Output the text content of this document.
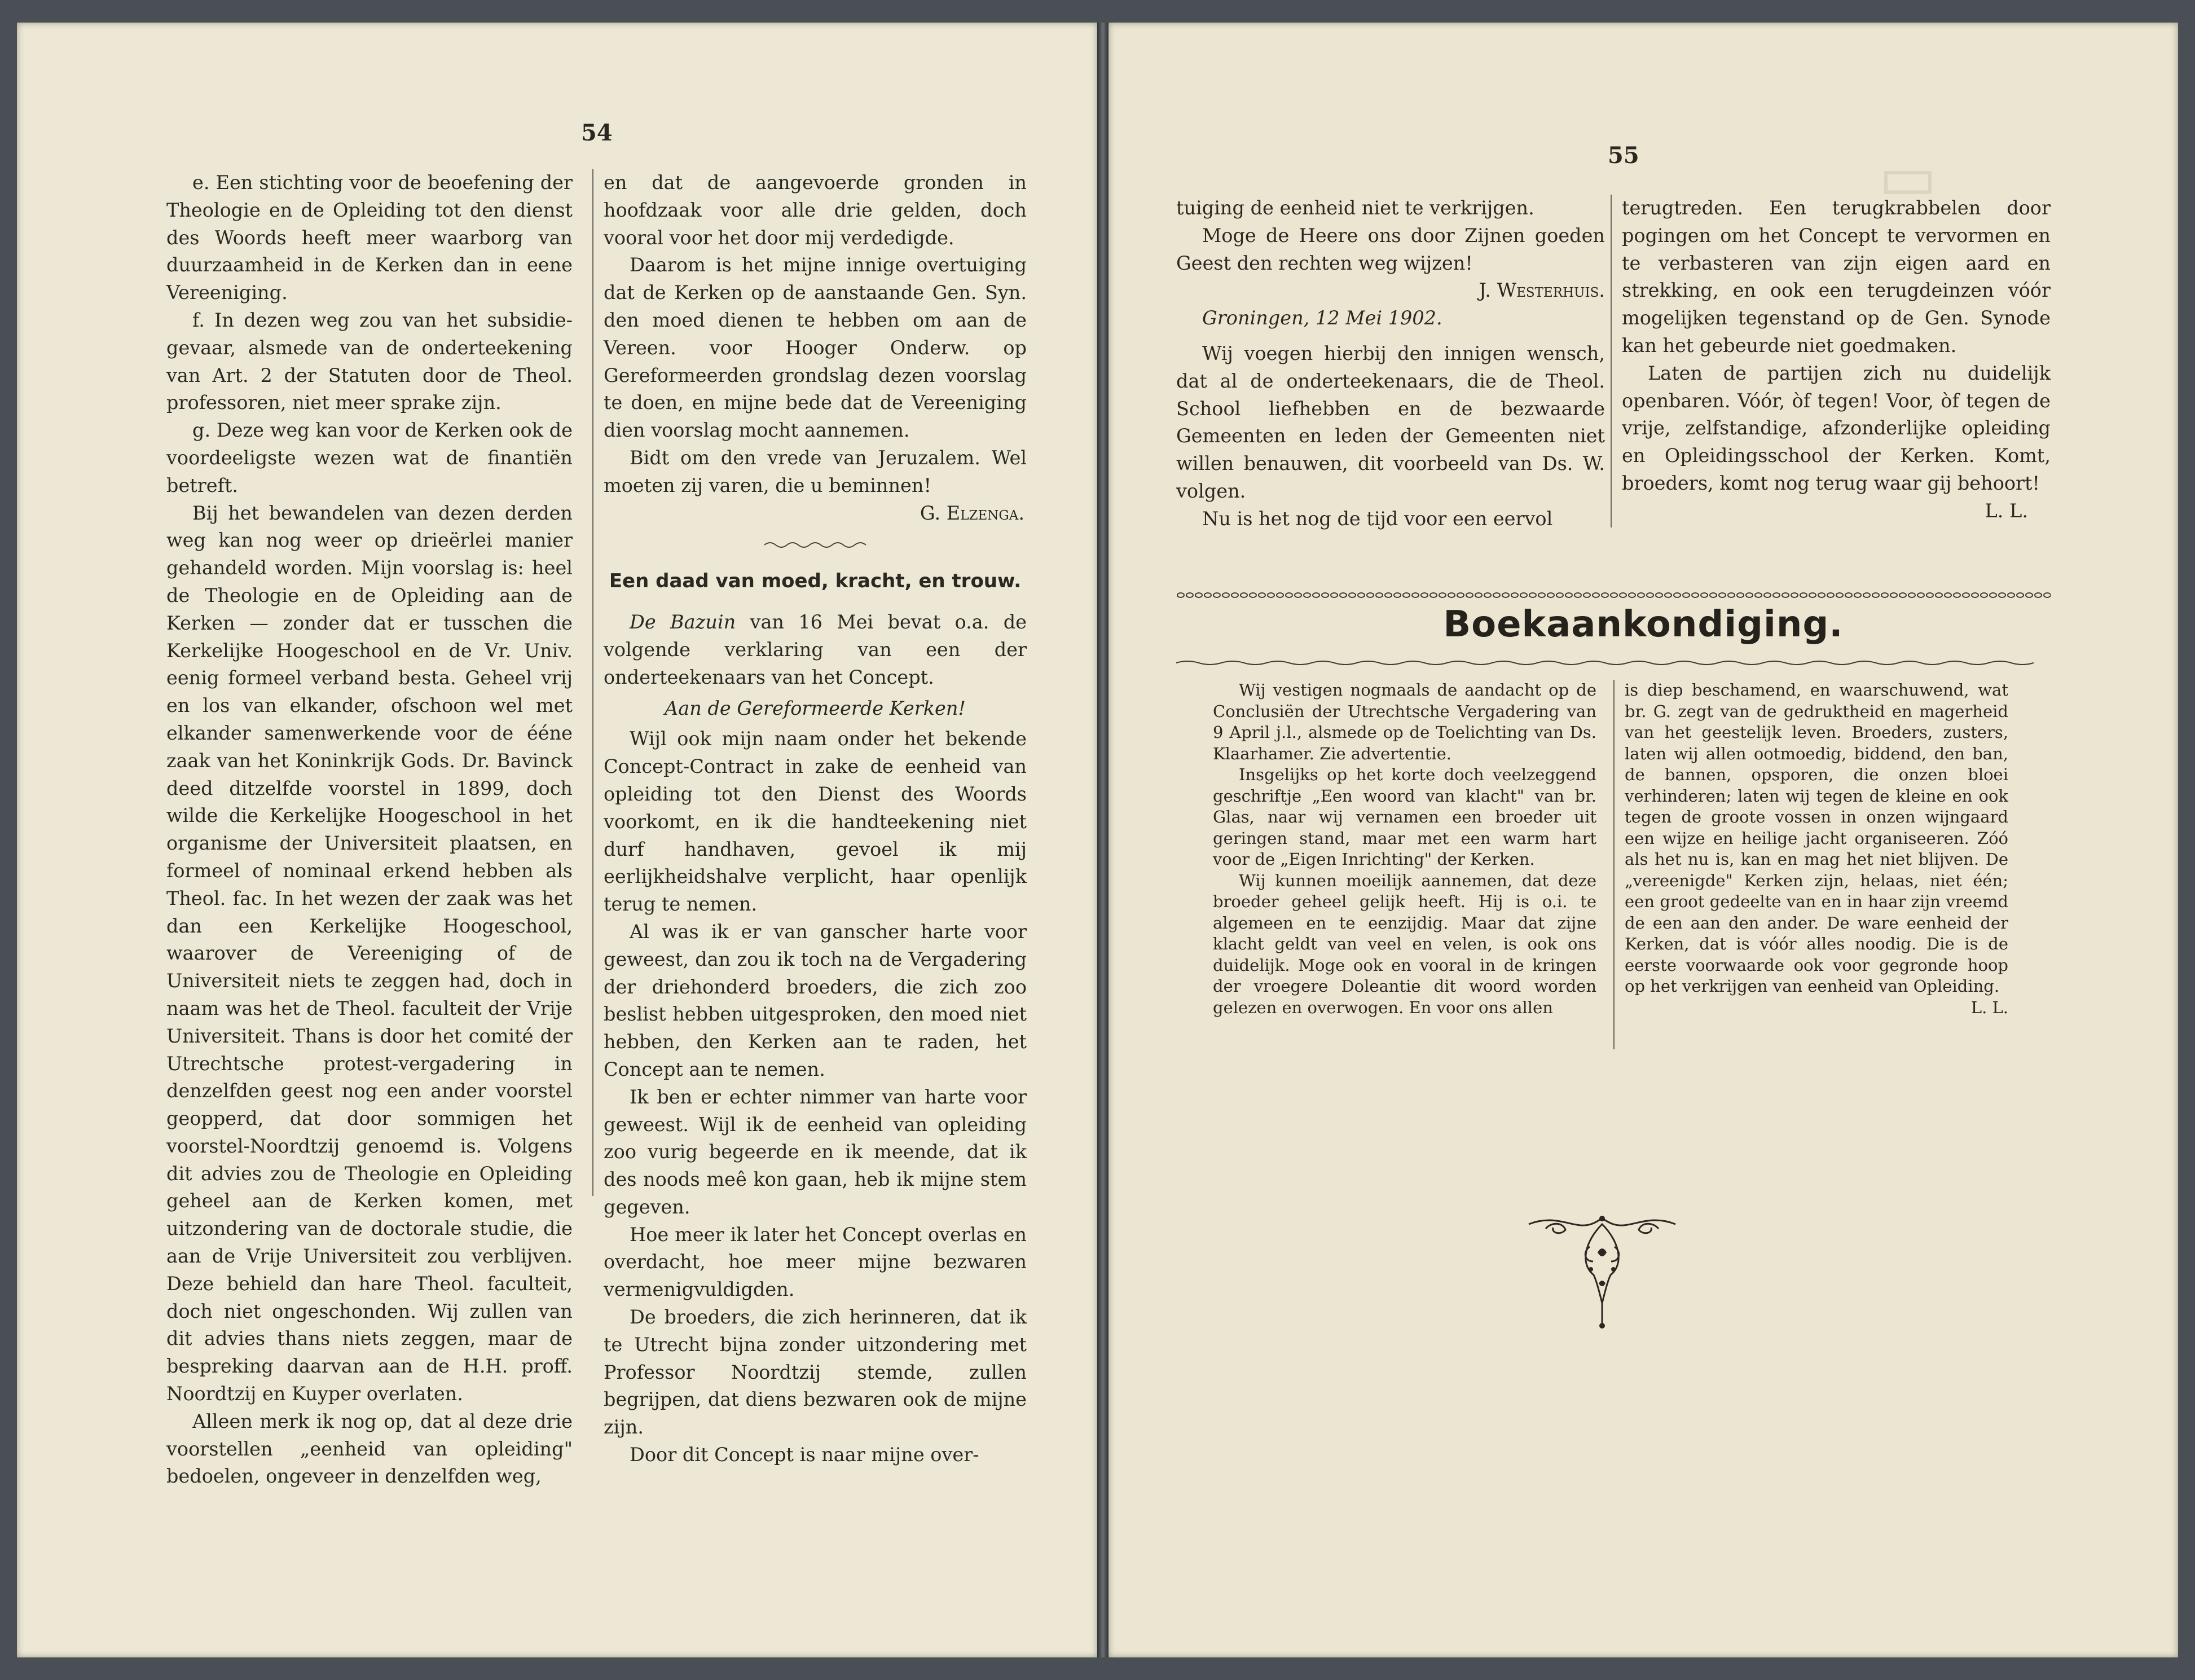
▭
54

e. Een stichting voor de beoefening der Theologie en de Opleiding tot den dienst des Woords heeft meer waarborg van duurzaamheid in de Kerken dan in eene Vereeniging.

f. In dezen weg zou van het subsidie-gevaar, alsmede van de onderteekening van Art. 2 der Statuten door de Theol. professoren, niet meer sprake zijn.

g. Deze weg kan voor de Kerken ook de voordeeligste wezen wat de finantiën betreft.

Bij het bewandelen van dezen derden weg kan nog weer op drieërlei manier gehandeld worden. Mijn voorslag is: heel de Theologie en de Opleiding aan de Kerken — zonder dat er tusschen die Kerkelijke Hoogeschool en de Vr. Univ. eenig formeel verband besta. Geheel vrij en los van elkander, ofschoon wel met elkander samenwerkende voor de ééne zaak van het Koninkrijk Gods. Dr. Bavinck deed ditzelfde voorstel in 1899, doch wilde die Kerkelijke Hoogeschool in het organisme der Universiteit plaatsen, en formeel of nominaal erkend hebben als Theol. fac. In het wezen der zaak was het dan een Kerkelijke Hoogeschool, waarover de Vereeniging of de Universiteit niets te zeggen had, doch in naam was het de Theol. faculteit der Vrije Universiteit. Thans is door het comité der Utrechtsche protest-vergadering in denzelfden geest nog een ander voorstel geopperd, dat door sommigen het voorstel-Noordtzij genoemd is. Volgens dit advies zou de Theologie en Opleiding geheel aan de Kerken komen, met uitzondering van de doctorale studie, die aan de Vrije Universiteit zou verblijven. Deze behield dan hare Theol. faculteit, doch niet ongeschonden. Wij zullen van dit advies thans niets zeggen, maar de bespreking daarvan aan de H.H. proff. Noordtzij en Kuyper overlaten.

Alleen merk ik nog op, dat al deze drie voorstellen „eenheid van opleiding" bedoelen, ongeveer in denzelfden weg,

en dat de aangevoerde gronden in hoofdzaak voor alle drie gelden, doch vooral voor het door mij verdedigde.

Daarom is het mijne innige overtuiging dat de Kerken op de aanstaande Gen. Syn. den moed dienen te hebben om aan de Vereen. voor Hooger Onderw. op Gereformeerden grondslag dezen voorslag te doen, en mijne bede dat de Vereeniging dien voorslag mocht aannemen.

Bidt om den vrede van Jeruzalem. Wel moeten zij varen, die u beminnen!

G. Elzenga.
Een daad van moed, kracht, en trouw.

De Bazuin van 16 Mei bevat o.a. de volgende verklaring van een der onderteekenaars van het Concept.

Aan de Gereformeerde Kerken!

Wijl ook mijn naam onder het bekende Concept-Contract in zake de eenheid van opleiding tot den Dienst des Woords voorkomt, en ik die handteekening niet durf handhaven, gevoel ik mij eerlijkheidshalve verplicht, haar openlijk terug te nemen.

Al was ik er van ganscher harte voor geweest, dan zou ik toch na de Vergadering der driehonderd broeders, die zich zoo beslist hebben uitgesproken, den moed niet hebben, den Kerken aan te raden, het Concept aan te nemen.

Ik ben er echter nimmer van harte voor geweest. Wijl ik de eenheid van opleiding zoo vurig begeerde en ik meende, dat ik des noods meê kon gaan, heb ik mijne stem gegeven.

Hoe meer ik later het Concept overlas en overdacht, hoe meer mijne bezwaren vermenigvuldigden.

De broeders, die zich herinneren, dat ik te Utrecht bijna zonder uitzondering met Professor Noordtzij stemde, zullen begrijpen, dat diens bezwaren ook de mijne zijn.

Door dit Concept is naar mijne over-

55

tuiging de eenheid niet te verkrijgen.

Moge de Heere ons door Zijnen goeden Geest den rechten weg wijzen!

J. Westerhuis.

Groningen, 12 Mei 1902.

Wij voegen hierbij den innigen wensch, dat al de onderteekenaars, die de Theol. School liefhebben en de bezwaarde Gemeenten en leden der Gemeenten niet willen benauwen, dit voorbeeld van Ds. W. volgen.

Nu is het nog de tijd voor een eervol

terugtreden. Een terugkrabbelen door pogingen om het Concept te vervormen en te verbasteren van zijn eigen aard en strekking, en ook een terugdeinzen vóór mogelijken tegenstand op de Gen. Synode kan het gebeurde niet goedmaken.

Laten de partijen zich nu duidelijk openbaren. Vóór, òf tegen! Voor, òf tegen de vrije, zelfstandige, afzonderlijke opleiding en Opleidingsschool der Kerken. Komt, broeders, komt nog terug waar gij behoort!

L. L.
Boekaankondiging.

Wij vestigen nogmaals de aandacht op de Conclusiën der Utrechtsche Vergadering van 9 April j.l., alsmede op de Toelichting van Ds. Klaarhamer. Zie advertentie.

Insgelijks op het korte doch veelzeggend geschriftje „Een woord van klacht" van br. Glas, naar wij vernamen een broeder uit geringen stand, maar met een warm hart voor de „Eigen Inrichting" der Kerken.

Wij kunnen moeilijk aannemen, dat deze broeder geheel gelijk heeft. Hij is o.i. te algemeen en te eenzijdig. Maar dat zijne klacht geldt van veel en velen, is ook ons duidelijk. Moge ook en vooral in de kringen der vroegere Doleantie dit woord worden gelezen en overwogen. En voor ons allen

is diep beschamend, en waarschuwend, wat br. G. zegt van de gedruktheid en magerheid van het geestelijk leven. Broeders, zusters, laten wij allen ootmoedig, biddend, den ban, de bannen, opsporen, die onzen bloei verhinderen; laten wij tegen de kleine en ook tegen de groote vossen in onzen wijngaard een wijze en heilige jacht organiseeren. Zóó als het nu is, kan en mag het niet blijven. De „vereenigde" Kerken zijn, helaas, niet één; een groot gedeelte van en in haar zijn vreemd de een aan den ander. De ware eenheid der Kerken, dat is vóór alles noodig. Die is de eerste voorwaarde ook voor gegronde hoop op het verkrijgen van eenheid van Opleiding.

L. L.
